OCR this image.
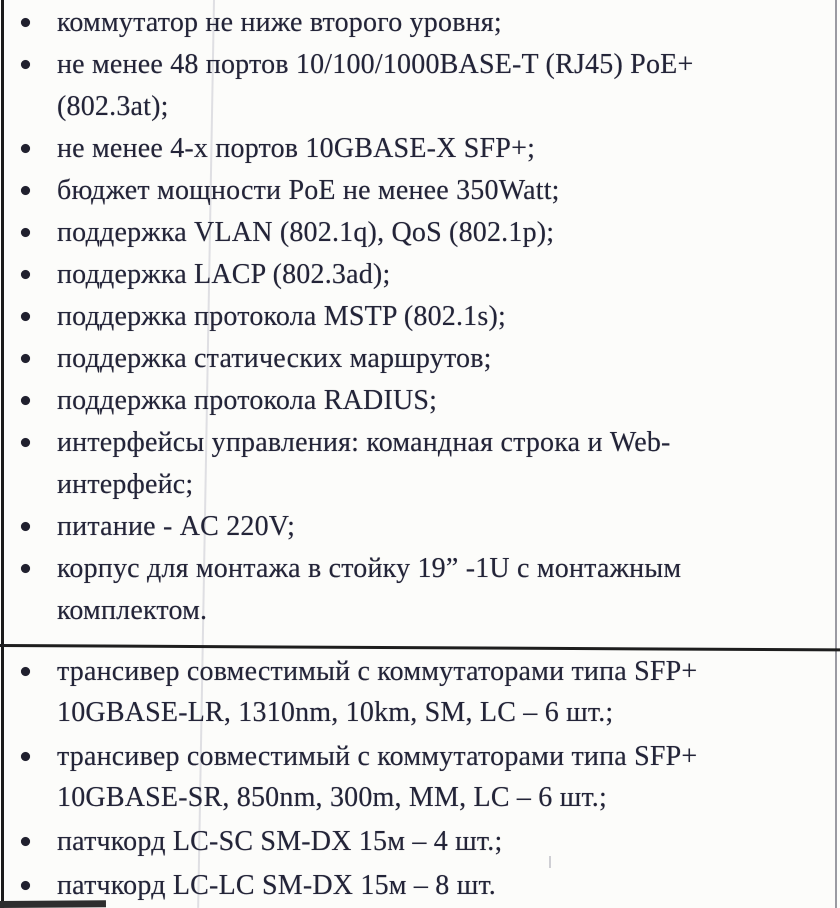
коммутатор не ниже второго уровня;
не менее 48 портов 10/100/1000BASE-T (RJ45) PoE+
(802.3at);
не менее 4-х портов 10GBASE-X SFP+;
бюджет мощности PoE не менее 350Watt;
поддержка VLAN (802.1q), QoS (802.1p);
поддержка LACP (802.3ad);
поддержка протокола MSTP (802.1s);
поддержка статических маршрутов;
поддержка протокола RADIUS;
интерфейсы управления: командная строка и Web-
интерфейс;
питание - AC 220V;
корпус для монтажа в стойку 19” -1U с монтажным
комплектом.
трансивер совместимый с коммутаторами типа SFP+
10GBASE-LR, 1310nm, 10km, SM, LC – 6 шт.;
трансивер совместимый с коммутаторами типа SFP+
10GBASE-SR, 850nm, 300m, MM, LC – 6 шт.;
патчкорд LC-SC SM-DX 15м – 4 шт.;
патчкорд LC-LC SM-DX 15м – 8 шт.
